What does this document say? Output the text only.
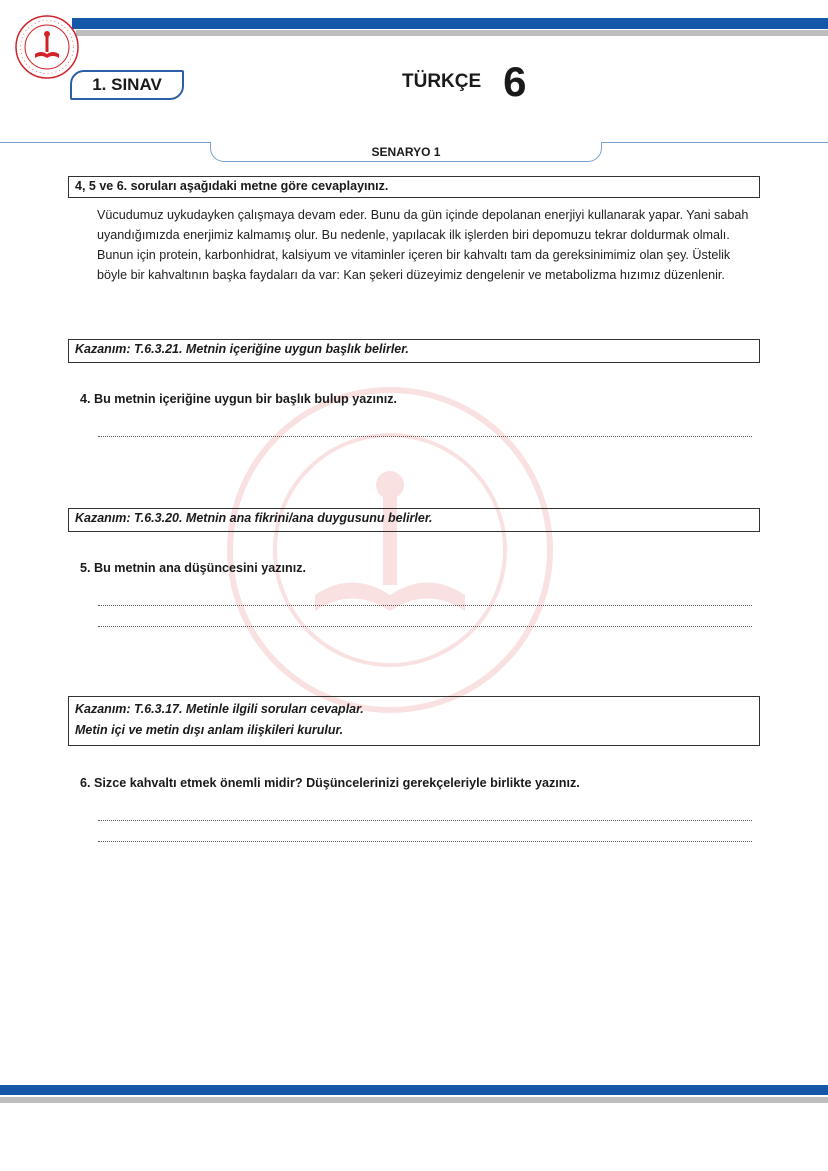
1. SINAV	TÜRKÇE 6
SENARYO 1
4, 5 ve 6. soruları aşağıdaki metne göre cevaplayınız.
Vücudumuz uykudayken çalışmaya devam eder. Bunu da gün içinde depolanan enerjiyi kullanarak yapar. Yani sabah uyandığımızda enerjimiz kalmamış olur. Bu nedenle, yapılacak ilk işlerden biri depomuzu tekrar doldurmak olmalı. Bunun için protein, karbonhidrat, kalsiyum ve vitaminler içeren bir kahvaltı tam da gereksinimimiz olan şey. Üstelik böyle bir kahvaltının başka faydaları da var: Kan şekeri düzeyimiz dengelenir ve metabolizma hızımız düzenlenir.
Kazanım: T.6.3.21. Metnin içeriğine uygun başlık belirler.
4. Bu metnin içeriğine uygun bir başlık bulup yazınız.
Kazanım: T.6.3.20. Metnin ana fikrini/ana duygusunu belirler.
5. Bu metnin ana düşüncesini yazınız.
Kazanım: T.6.3.17. Metinle ilgili soruları cevaplar.
Metin içi ve metin dışı anlam ilişkileri kurulur.
6. Sizce kahvaltı etmek önemli midir? Düşüncelerinizi gerekçeleriyle birlikte yazınız.
